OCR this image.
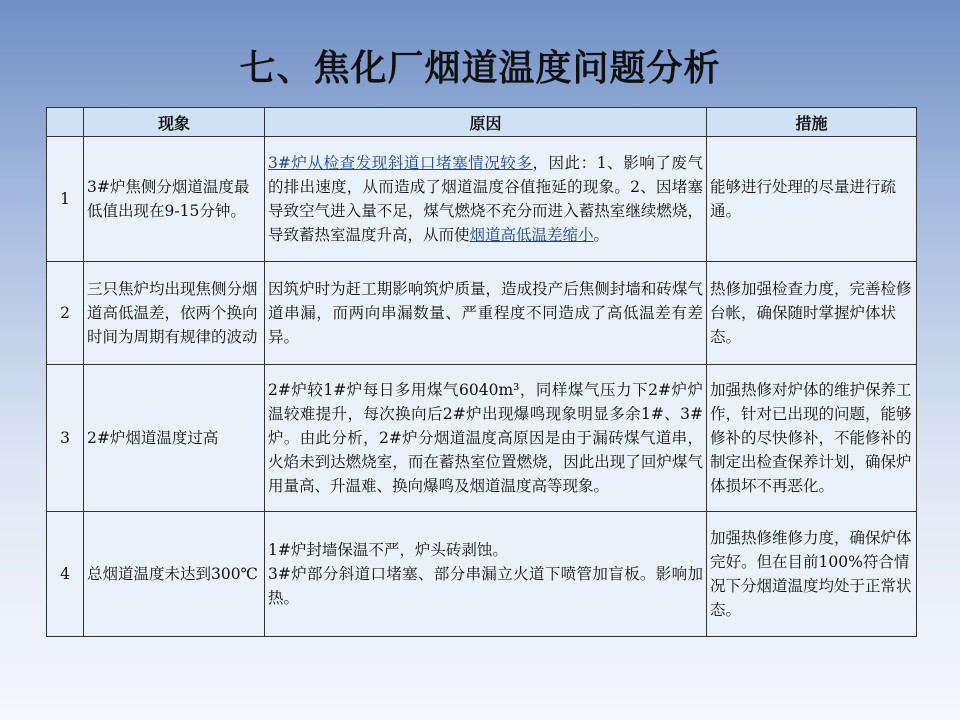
七、焦化厂烟道温度问题分析
	现象	原因	措施
1	3#炉焦侧分烟道温度最低值出现在9-15分钟。	3#炉从检查发现斜道口堵塞情况较多，因此：1、影响了废气的排出速度，从而造成了烟道温度谷值拖延的现象。2、因堵塞导致空气进入量不足，煤气燃烧不充分而进入蓄热室继续燃烧，导致蓄热室温度升高，从而使烟道高低温差缩小。	能够进行处理的尽量进行疏通。
2	三只焦炉均出现焦侧分烟道高低温差，依两个换向时间为周期有规律的波动	因筑炉时为赶工期影响筑炉质量，造成投产后焦侧封墙和砖煤气道串漏，而两向串漏数量、严重程度不同造成了高低温差有差异。	热修加强检查力度，完善检修台帐，确保随时掌握炉体状态。
3	2#炉烟道温度过高	2#炉较1#炉每日多用煤气6040m³，同样煤气压力下2#炉炉温较难提升，每次换向后2#炉出现爆鸣现象明显多余1#、3#炉。由此分析，2#炉分烟道温度高原因是由于漏砖煤气道串，火焰未到达燃烧室，而在蓄热室位置燃烧，因此出现了回炉煤气用量高、升温难、换向爆鸣及烟道温度高等现象。	加强热修对炉体的维护保养工作，针对已出现的问题，能够修补的尽快修补，不能修补的制定出检查保养计划，确保炉体损坏不再恶化。
4	总烟道温度未达到300℃	1#炉封墙保温不严，炉头砖剥蚀。
3#炉部分斜道口堵塞、部分串漏立火道下喷管加盲板。影响加热。	加强热修维修力度，确保炉体完好。但在目前100%符合情况下分烟道温度均处于正常状态。
